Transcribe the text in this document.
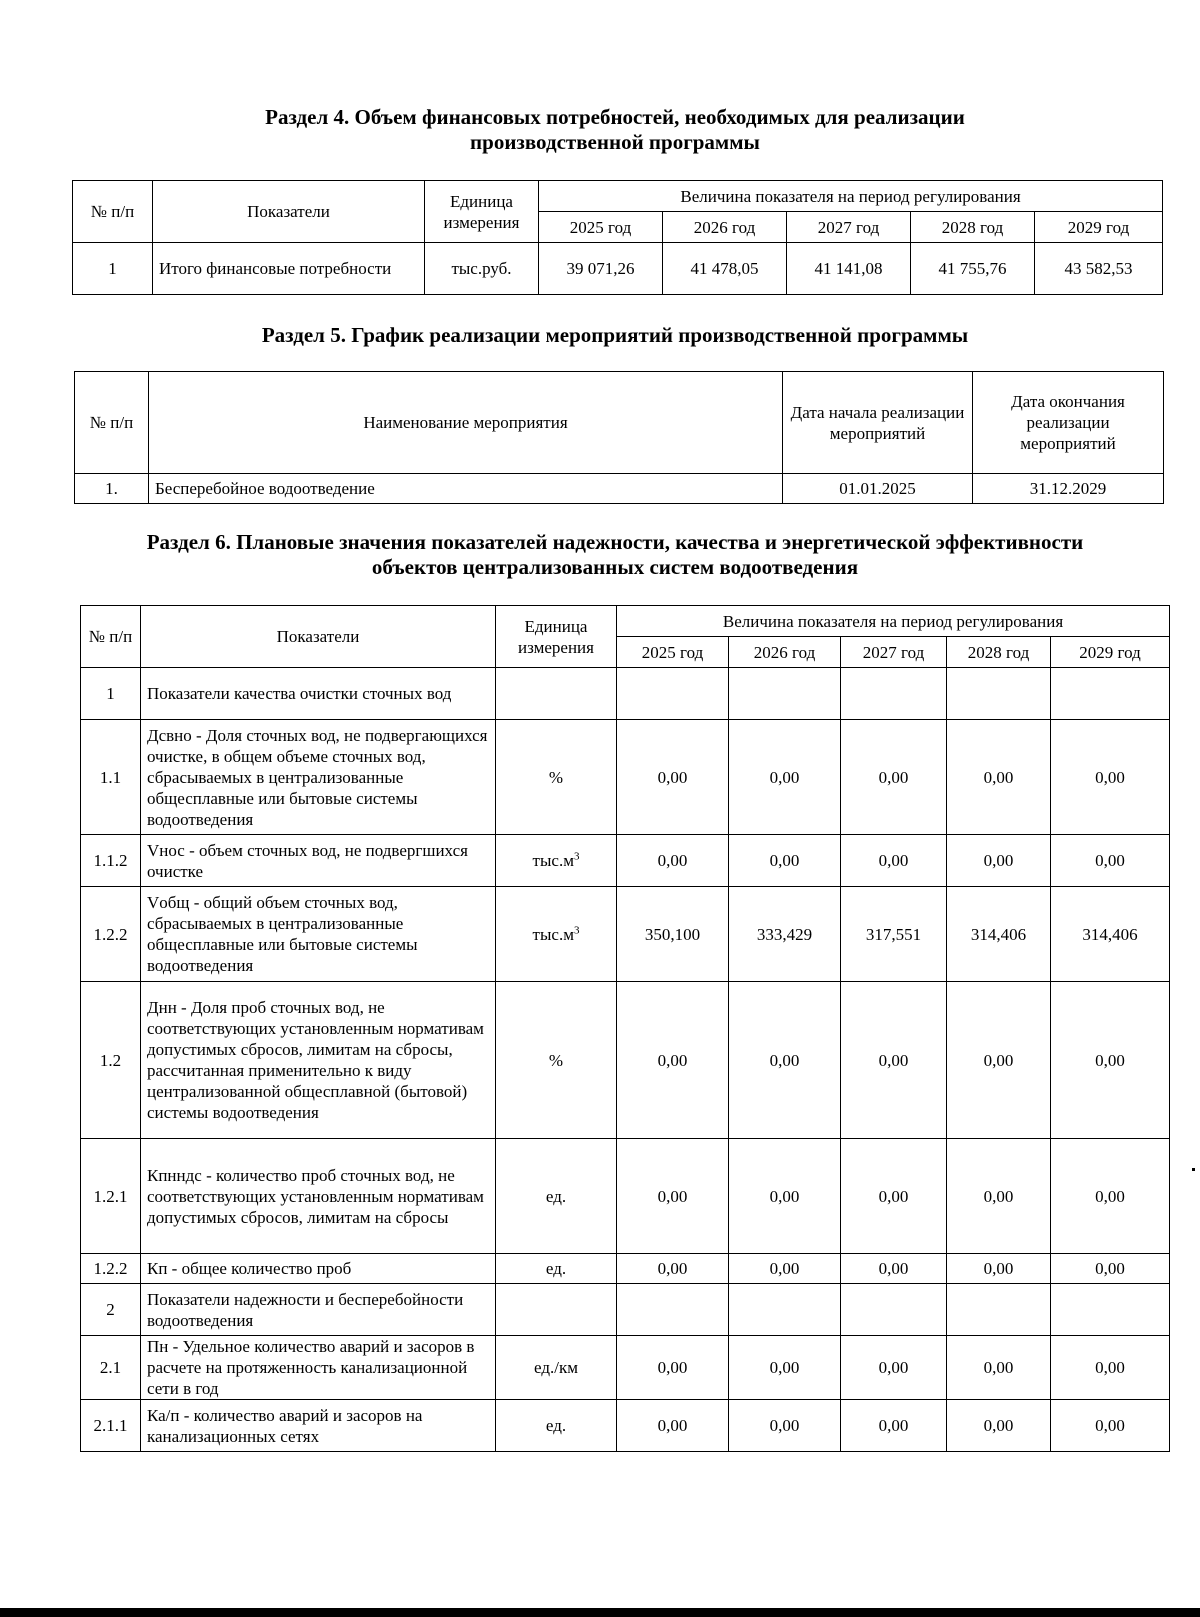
Раздел 4. Объем финансовых потребностей, необходимых для реализации
производственной программы
№ п/п	Показатели	Единица измерения	Величина показателя на период регулирования				
			2025 год	2026 год	2027 год	2028 год	2029 год
1	Итого финансовые потребности	тыс.руб.	39 071,26	41 478,05	41 141,08	41 755,76	43 582,53
Раздел 5. График реализации мероприятий производственной программы
№ п/п	Наименование мероприятия	Дата начала реализации мероприятий	Дата окончания реализации мероприятий
1.	Бесперебойное водоотведение	01.01.2025	31.12.2029
Раздел 6. Плановые значения показателей надежности, качества и энергетической эффективности
объектов централизованных систем водоотведения
№ п/п	Показатели	Единица измерения	Величина показателя на период регулирования				
			2025 год	2026 год	2027 год	2028 год	2029 год
1	Показатели качества очистки сточных вод						
1.1	Дсвно - Доля сточных вод, не подвергающихся очистке, в общем объеме сточных вод, сбрасываемых в централизованные общесплавные или бытовые системы водоотведения	%	0,00	0,00	0,00	0,00	0,00
1.1.2	Vнос - объем сточных вод, не подвергшихся очистке	$тыс.м^3$	0,00	0,00	0,00	0,00	0,00
1.2.2	Vобщ - общий объем сточных вод, сбрасываемых в централизованные общесплавные или бытовые системы водоотведения	$тыс.м^3$	350,100	333,429	317,551	314,406	314,406
1.2	Днн - Доля проб сточных вод, не соответствующих установленным нормативам допустимых сбросов, лимитам на сбросы, рассчитанная применительно к виду централизованной общесплавной (бытовой) системы водоотведения	%	0,00	0,00	0,00	0,00	0,00
1.2.1	Кпнндс - количество проб сточных вод, не соответствующих установленным нормативам допустимых сбросов, лимитам на сбросы	ед.	0,00	0,00	0,00	0,00	0,00
1.2.2	Кп - общее количество проб	ед.	0,00	0,00	0,00	0,00	0,00
2	Показатели надежности и бесперебойности водоотведения						
2.1	Пн - Удельное количество аварий и засоров в расчете на протяженность канализационной сети в год	ед./км	0,00	0,00	0,00	0,00	0,00
2.1.1	Ка/п - количество аварий и засоров на канализационных сетях	ед.	0,00	0,00	0,00	0,00	0,00
